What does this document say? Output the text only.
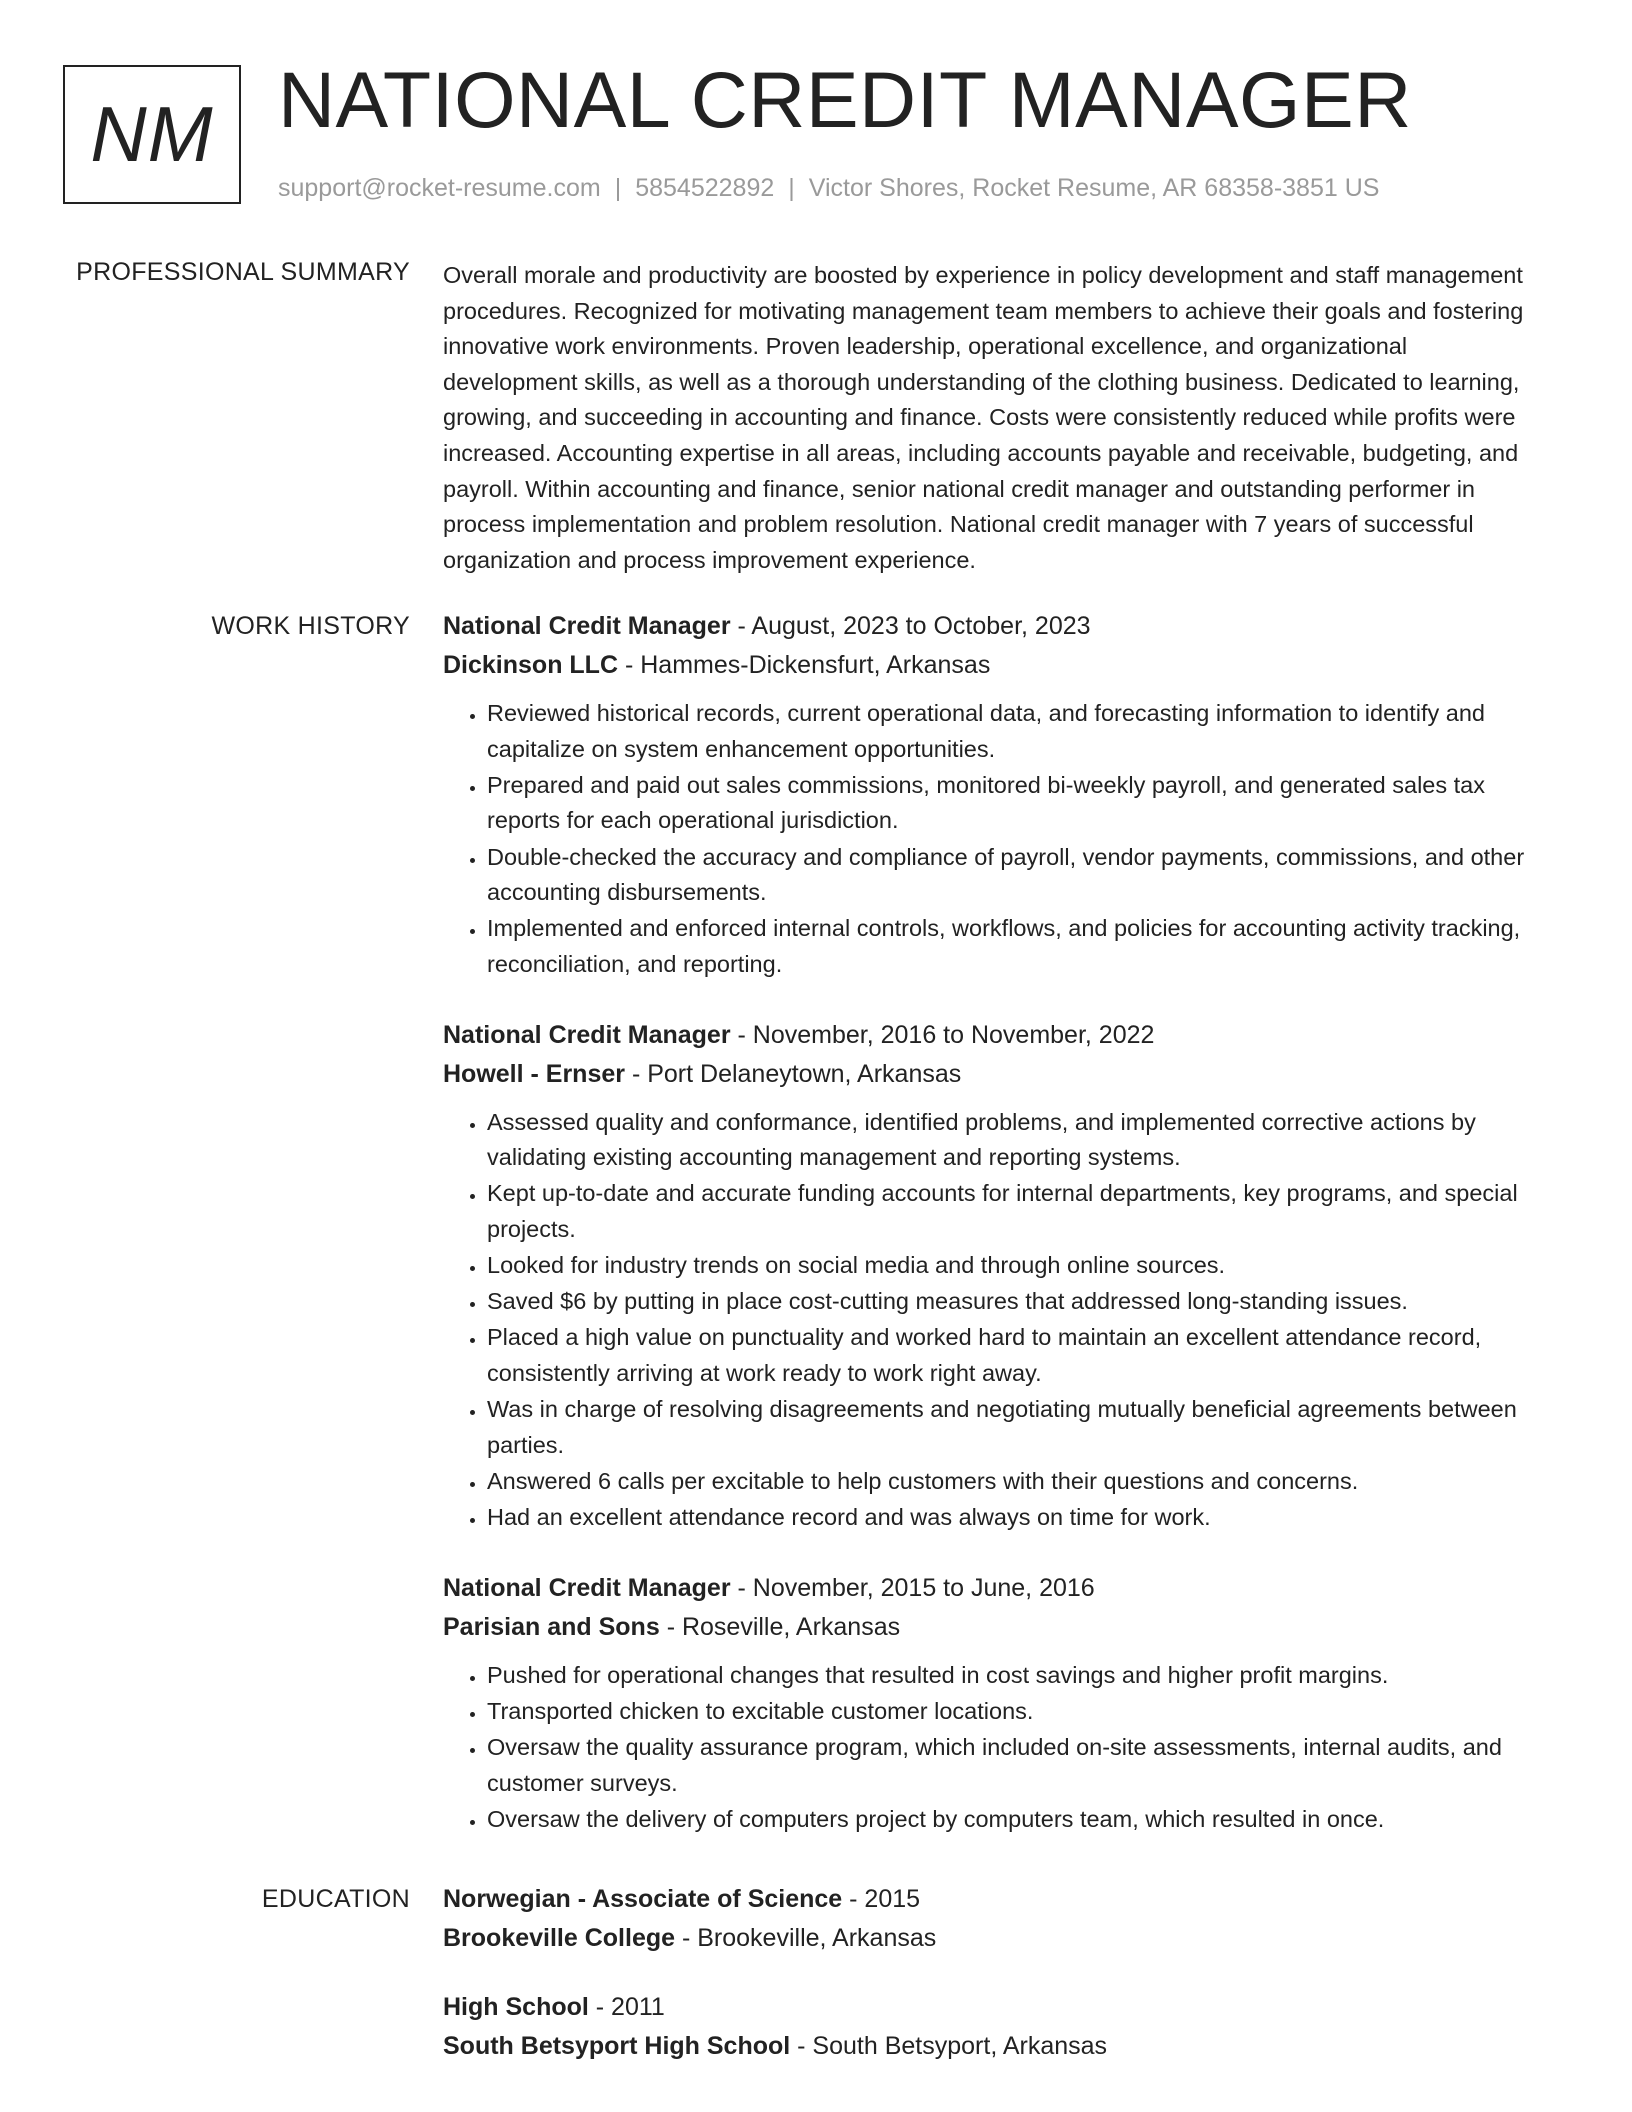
NM NATIONAL CREDIT MANAGER
support@rocket-resume.com | 5854522892 | Victor Shores, Rocket Resume, AR 68358-3851 US
PROFESSIONAL SUMMARY Overall morale and productivity are boosted by experience in policy development and staff management procedures. Recognized for motivating management team members to achieve their goals and fostering innovative work environments. Proven leadership, operational excellence, and organizational development skills, as well as a thorough understanding of the clothing business. Dedicated to learning, growing, and succeeding in accounting and finance. Costs were consistently reduced while profits were increased. Accounting expertise in all areas, including accounts payable and receivable, budgeting, and payroll. Within accounting and finance, senior national credit manager and outstanding performer in process implementation and problem resolution. National credit manager with 7 years of successful organization and process improvement experience.

WORK HISTORY National Credit Manager - August, 2023 to October, 2023
Dickinson LLC - Hammes-Dickensfurt, Arkansas
• Reviewed historical records, current operational data, and forecasting information to identify and capitalize on system enhancement opportunities.
• Prepared and paid out sales commissions, monitored bi-weekly payroll, and generated sales tax reports for each operational jurisdiction.
• Double-checked the accuracy and compliance of payroll, vendor payments, commissions, and other accounting disbursements.
• Implemented and enforced internal controls, workflows, and policies for accounting activity tracking, reconciliation, and reporting.
National Credit Manager - November, 2016 to November, 2022
Howell - Ernser - Port Delaneytown, Arkansas
• Assessed quality and conformance, identified problems, and implemented corrective actions by validating existing accounting management and reporting systems.
• Kept up-to-date and accurate funding accounts for internal departments, key programs, and special projects.
• Looked for industry trends on social media and through online sources.
• Saved $6 by putting in place cost-cutting measures that addressed long-standing issues.
• Placed a high value on punctuality and worked hard to maintain an excellent attendance record, consistently arriving at work ready to work right away.
• Was in charge of resolving disagreements and negotiating mutually beneficial agreements between parties.
• Answered 6 calls per excitable to help customers with their questions and concerns.
• Had an excellent attendance record and was always on time for work.
National Credit Manager - November, 2015 to June, 2016
Parisian and Sons - Roseville, Arkansas
• Pushed for operational changes that resulted in cost savings and higher profit margins.
• Transported chicken to excitable customer locations.
• Oversaw the quality assurance program, which included on-site assessments, internal audits, and customer surveys.
• Oversaw the delivery of computers project by computers team, which resulted in once.
EDUCATION Norwegian - Associate of Science - 2015
Brookeville College - Brookeville, Arkansas
High School - 2011
South Betsyport High School - South Betsyport, Arkansas
